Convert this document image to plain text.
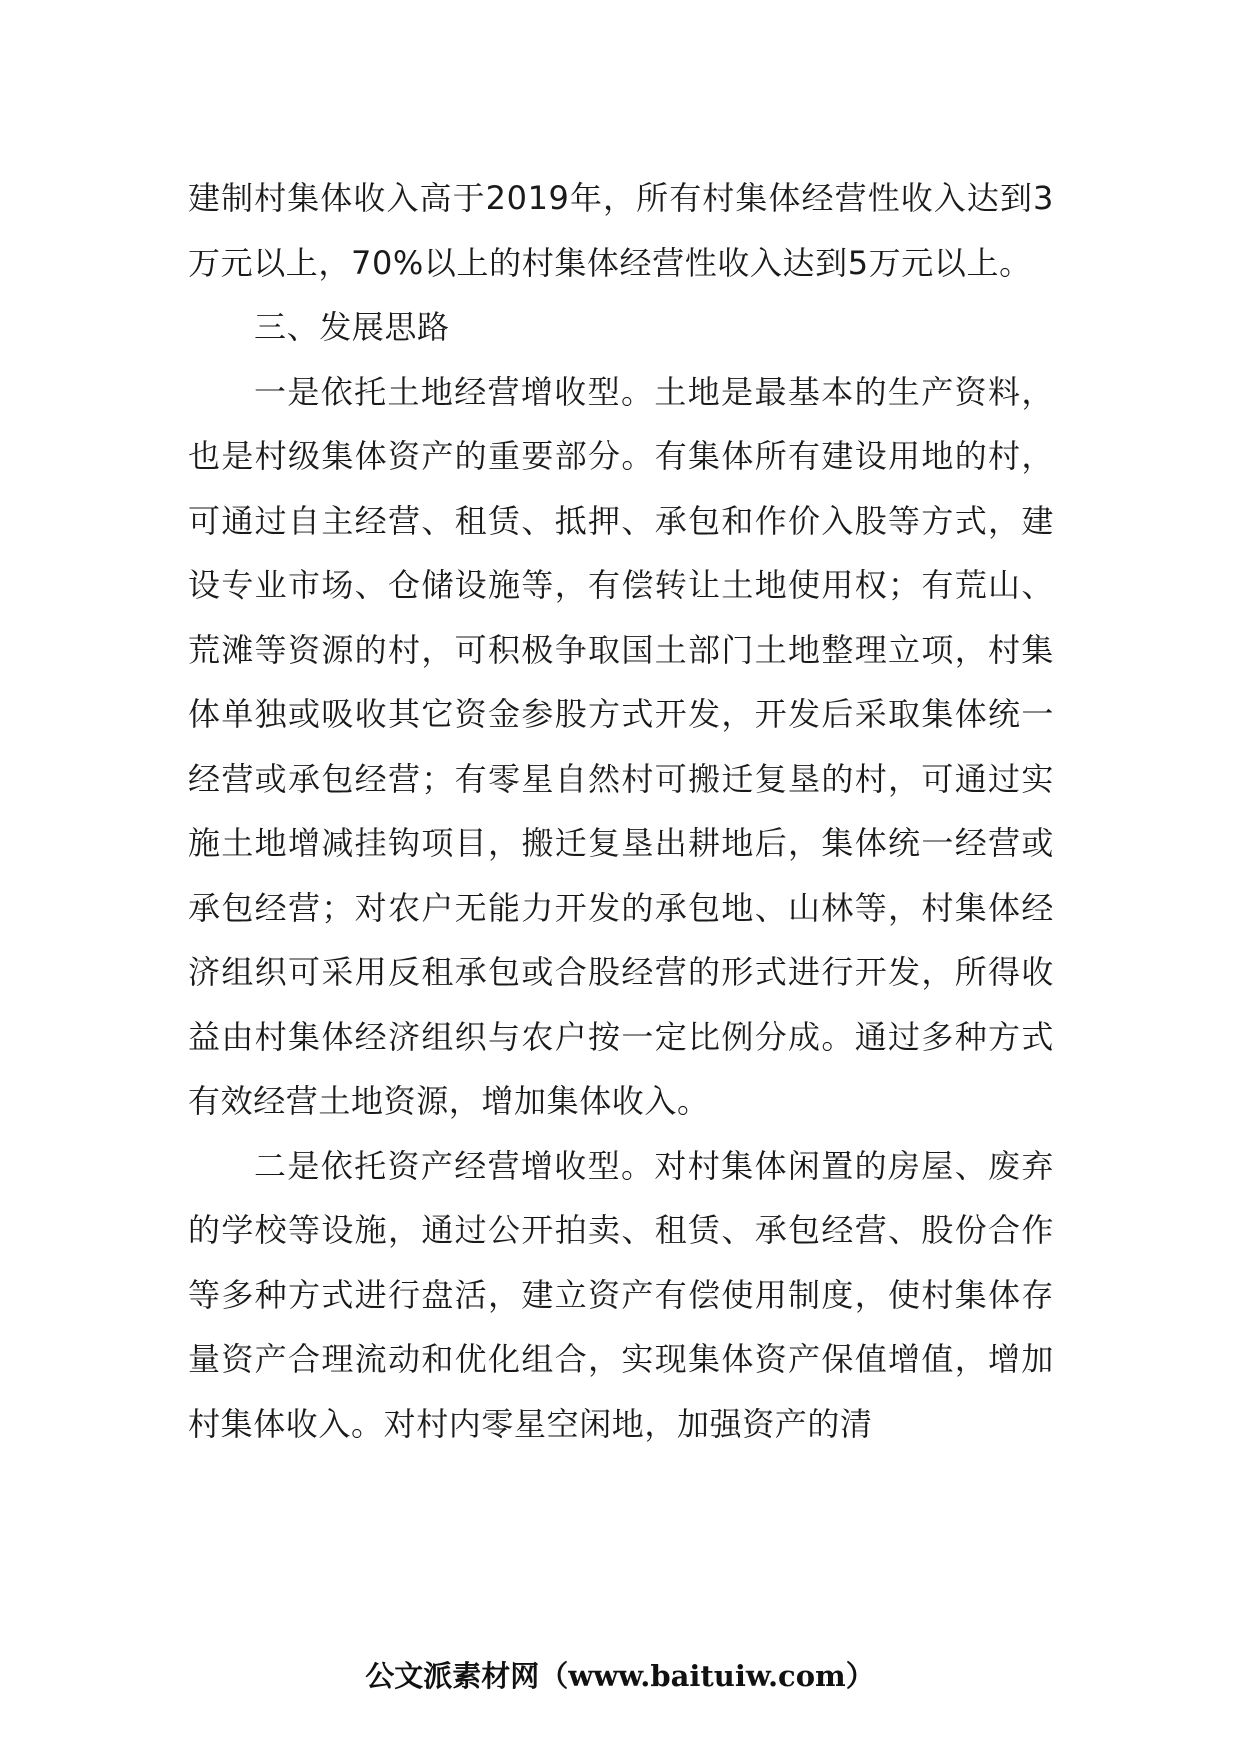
建制村集体收入高于2019年，所有村集体经营性收入达到3万元以上，70%以上的村集体经营性收入达到5万元以上。

三、发展思路

一是依托土地经营增收型。土地是最基本的生产资料，也是村级集体资产的重要部分。有集体所有建设用地的村，可通过自主经营、租赁、抵押、承包和作价入股等方式，建设专业市场、仓储设施等，有偿转让土地使用权；有荒山、荒滩等资源的村，可积极争取国土部门土地整理立项，村集体单独或吸收其它资金参股方式开发，开发后采取集体统一经营或承包经营；有零星自然村可搬迁复垦的村，可通过实施土地增减挂钩项目，搬迁复垦出耕地后，集体统一经营或承包经营；对农户无能力开发的承包地、山林等，村集体经济组织可采用反租承包或合股经营的形式进行开发，所得收益由村集体经济组织与农户按一定比例分成。通过多种方式有效经营土地资源，增加集体收入。

二是依托资产经营增收型。对村集体闲置的房屋、废弃的学校等设施，通过公开拍卖、租赁、承包经营、股份合作等多种方式进行盘活，建立资产有偿使用制度，使村集体存量资产合理流动和优化组合，实现集体资产保值增值，增加村集体收入。对村内零星空闲地，加强资产的清

公文派素材网（www.baituiw.com）
